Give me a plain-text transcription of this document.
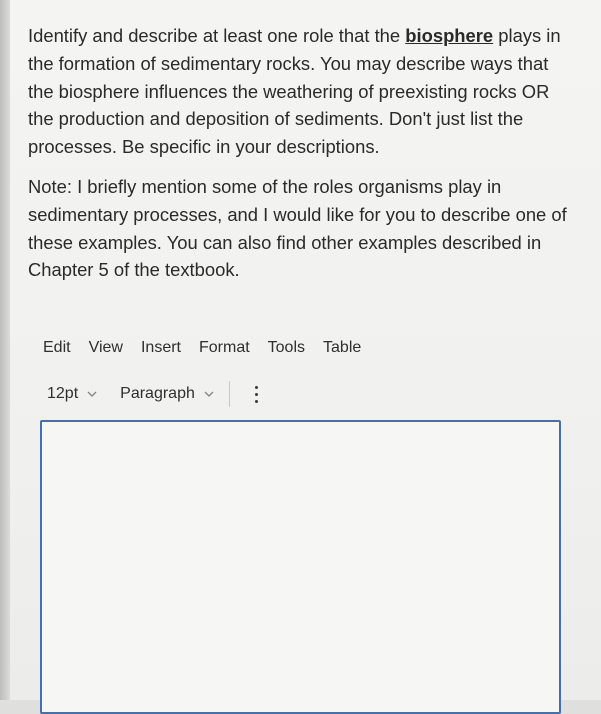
Identify and describe at least one role that the biosphere plays in the formation of sedimentary rocks. You may describe ways that the biosphere influences the weathering of preexisting rocks OR the production and deposition of sediments. Don't just list the processes. Be specific in your descriptions.

Note: I briefly mention some of the roles organisms play in sedimentary processes, and I would like for you to describe one of these examples. You can also find other examples described in Chapter 5 of the textbook.

Edit	View	Insert	Format	Tools	Table
12pt	Paragraph
